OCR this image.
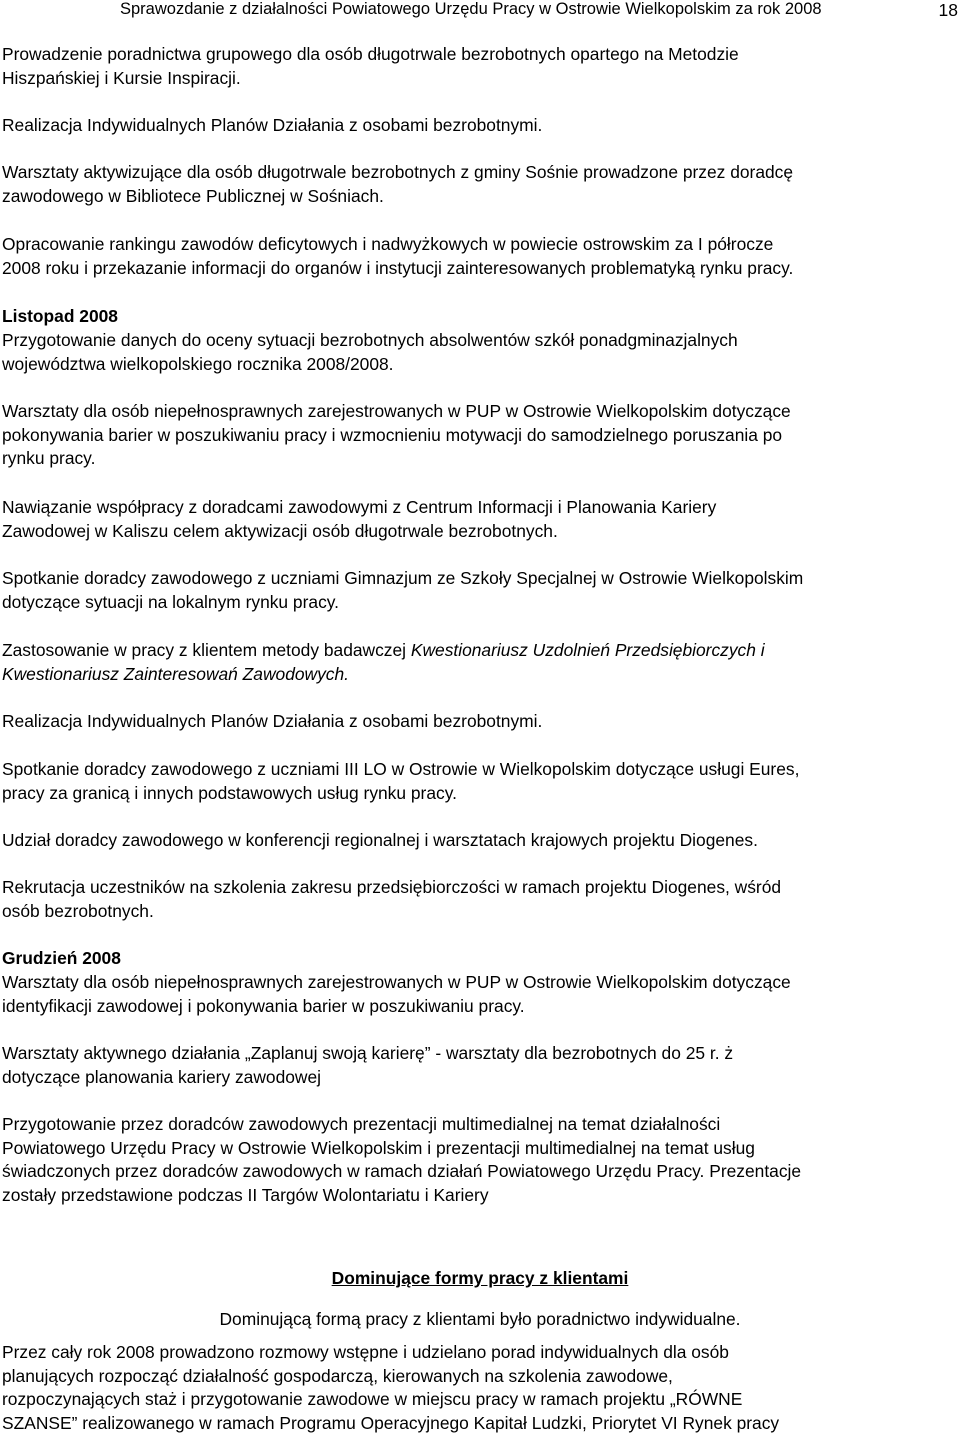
Sprawozdanie z działalności Powiatowego Urzędu Pracy w Ostrowie Wielkopolskim za rok 2008	18

Prowadzenie poradnictwa grupowego dla osób długotrwale bezrobotnych opartego na Metodzie
Hiszpańskiej i Kursie Inspiracji.

Realizacja Indywidualnych Planów Działania z osobami bezrobotnymi.

Warsztaty aktywizujące dla osób długotrwale bezrobotnych z gminy Sośnie prowadzone przez doradcę
zawodowego w Bibliotece Publicznej w Sośniach.

Opracowanie rankingu zawodów deficytowych i nadwyżkowych w powiecie ostrowskim za I półrocze
2008 roku i przekazanie informacji do organów i instytucji zainteresowanych problematyką rynku pracy.

Listopad 2008

Przygotowanie danych do oceny sytuacji bezrobotnych absolwentów szkół ponadgminazjalnych
województwa wielkopolskiego rocznika 2008/2008.

Warsztaty dla osób niepełnosprawnych zarejestrowanych w PUP w Ostrowie Wielkopolskim dotyczące
pokonywania barier w poszukiwaniu pracy i wzmocnieniu motywacji do samodzielnego poruszania po
rynku pracy.

Nawiązanie współpracy z doradcami zawodowymi z Centrum Informacji i Planowania Kariery
Zawodowej w Kaliszu celem aktywizacji osób długotrwale bezrobotnych.

Spotkanie doradcy zawodowego z uczniami Gimnazjum ze Szkoły Specjalnej w Ostrowie Wielkopolskim
dotyczące sytuacji na lokalnym rynku pracy.

Zastosowanie w pracy z klientem metody badawczej Kwestionariusz Uzdolnień Przedsiębiorczych i
Kwestionariusz Zainteresowań Zawodowych.

Realizacja Indywidualnych Planów Działania z osobami bezrobotnymi.

Spotkanie doradcy zawodowego z uczniami III LO w Ostrowie w Wielkopolskim dotyczące usługi Eures,
pracy za granicą i innych podstawowych usług rynku pracy.

Udział doradcy zawodowego w konferencji regionalnej i warsztatach krajowych projektu Diogenes.

Rekrutacja uczestników na szkolenia zakresu przedsiębiorczości w ramach projektu Diogenes, wśród
osób bezrobotnych.

Grudzień 2008

Warsztaty dla osób niepełnosprawnych zarejestrowanych w PUP w Ostrowie Wielkopolskim dotyczące
identyfikacji zawodowej i pokonywania barier w poszukiwaniu pracy.

Warsztaty aktywnego działania „Zaplanuj swoją karierę” - warsztaty dla bezrobotnych do 25 r. ż
dotyczące planowania kariery zawodowej

Przygotowanie przez doradców zawodowych prezentacji multimedialnej na temat działalności
Powiatowego Urzędu Pracy w Ostrowie Wielkopolskim i prezentacji multimedialnej na temat usług
świadczonych przez doradców zawodowych w ramach działań Powiatowego Urzędu Pracy. Prezentacje
zostały przedstawione podczas II Targów Wolontariatu i Kariery

Dominujące formy pracy z klientami
Dominującą formą pracy z klientami było poradnictwo indywidualne.

Przez cały rok 2008 prowadzono rozmowy wstępne i udzielano porad indywidualnych dla osób
planujących rozpocząć działalność gospodarczą, kierowanych na szkolenia zawodowe,
rozpoczynających staż i przygotowanie zawodowe w miejscu pracy w ramach projektu „RÓWNE
SZANSE” realizowanego w ramach Programu Operacyjnego Kapitał Ludzki, Priorytet VI Rynek pracy
